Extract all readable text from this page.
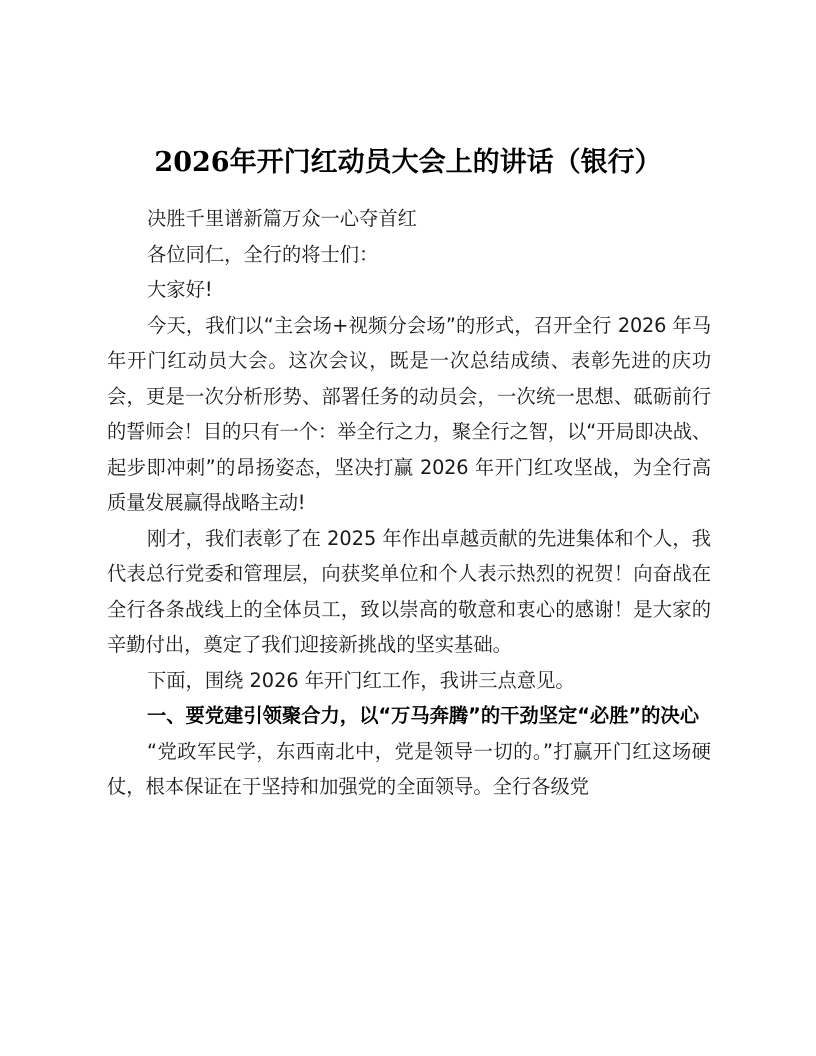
2026年开门红动员大会上的讲话（银行）

决胜千里谱新篇万众一心夺首红

各位同仁，全行的将士们：

大家好!

今天，我们以“主会场+视频分会场”的形式，召开全行 2026 年马年开门红动员大会。这次会议，既是一次总结成绩、表彰先进的庆功会，更是一次分析形势、部署任务的动员会，一次统一思想、砥砺前行的誓师会！目的只有一个：举全行之力，聚全行之智，以“开局即决战、起步即冲刺”的昂扬姿态，坚决打赢 2026 年开门红攻坚战，为全行高质量发展赢得战略主动!

刚才，我们表彰了在 2025 年作出卓越贡献的先进集体和个人，我代表总行党委和管理层，向获奖单位和个人表示热烈的祝贺！向奋战在全行各条战线上的全体员工，致以崇高的敬意和衷心的感谢！是大家的辛勤付出，奠定了我们迎接新挑战的坚实基础。

下面，围绕 2026 年开门红工作，我讲三点意见。

一、要党建引领聚合力，以“万马奔腾”的干劲坚定“必胜”的决心

“党政军民学，东西南北中，党是领导一切的。”打赢开门红这场硬仗，根本保证在于坚持和加强党的全面领导。全行各级党
